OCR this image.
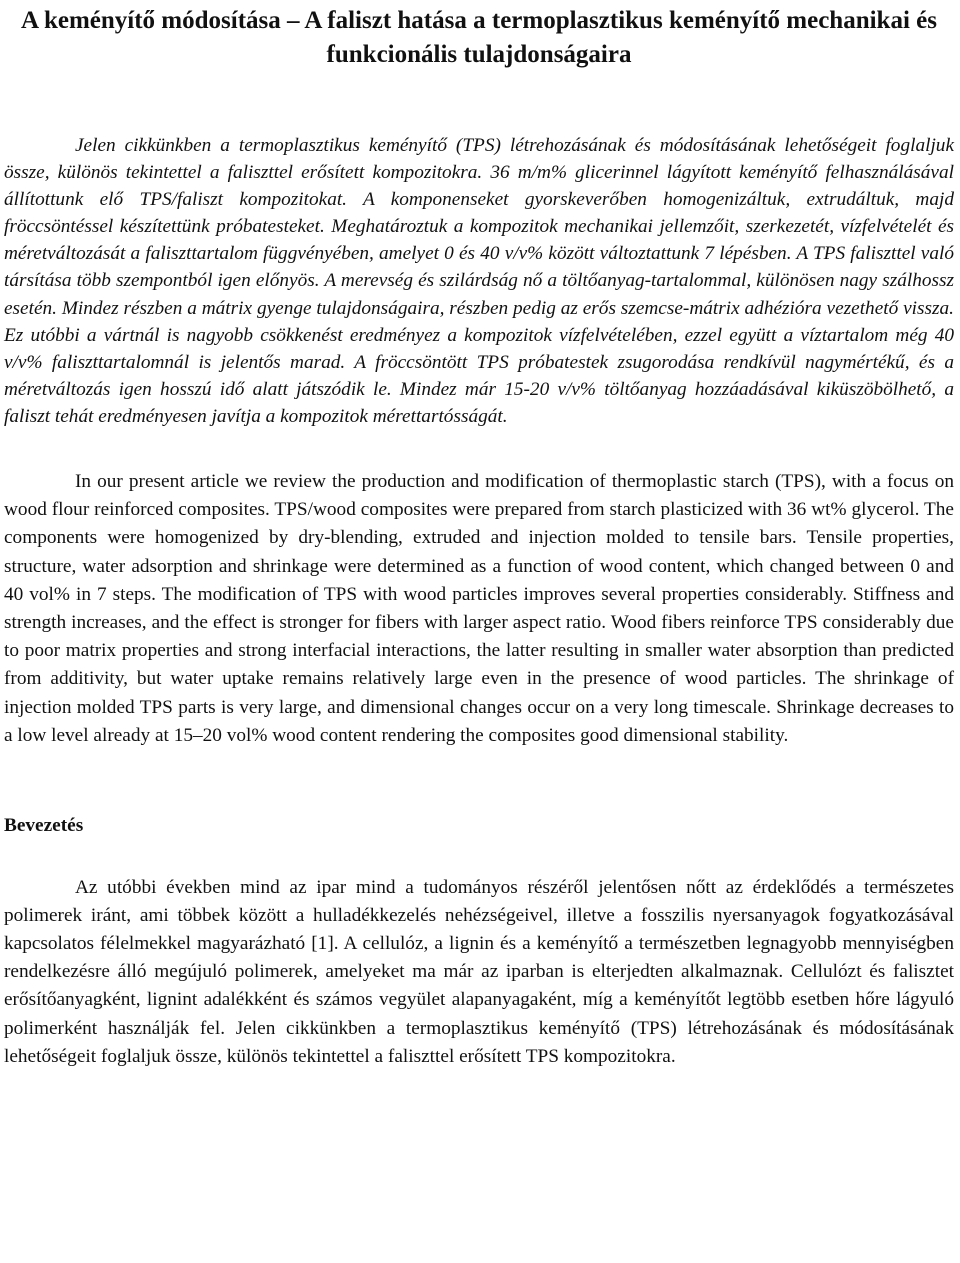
A keményítő módosítása – A faliszt hatása a termoplasztikus keményítő mechanikai és funkcionális tulajdonságaira

Jelen cikkünkben a termoplasztikus keményítő (TPS) létrehozásának és módosításának lehetőségeit foglaljuk össze, különös tekintettel a faliszttel erősített kompozitokra. 36 m/m% glicerinnel lágyított keményítő felhasználásával állítottunk elő TPS/faliszt kompozitokat. A komponenseket gyorskeverőben homogenizáltuk, extrudáltuk, majd fröccsöntéssel készítettünk próbatesteket. Meghatároztuk a kompozitok mechanikai jellemzőit, szerkezetét, vízfelvételét és méretváltozását a faliszttartalom függvényében, amelyet 0 és 40 v/v% között változtattunk 7 lépésben. A TPS faliszttel való társítása több szempontból igen előnyös. A merevség és szilárdság nő a töltőanyag-tartalommal, különösen nagy szálhossz esetén. Mindez részben a mátrix gyenge tulajdonságaira, részben pedig az erős szemcse-mátrix adhézióra vezethető vissza. Ez utóbbi a vártnál is nagyobb csökkenést eredményez a kompozitok vízfelvételében, ezzel együtt a víztartalom még 40 v/v% faliszttartalomnál is jelentős marad. A fröccsöntött TPS próbatestek zsugorodása rendkívül nagymértékű, és a méretváltozás igen hosszú idő alatt játszódik le. Mindez már 15-20 v/v% töltőanyag hozzáadásával kiküszöbölhető, a faliszt tehát eredményesen javítja a kompozitok mérettartósságát.

In our present article we review the production and modification of thermoplastic starch (TPS), with a focus on wood flour reinforced composites. TPS/wood composites were prepared from starch plasticized with 36 wt% glycerol. The components were homogenized by dry-blending, extruded and injection molded to tensile bars. Tensile properties, structure, water adsorption and shrinkage were determined as a function of wood content, which changed between 0 and 40 vol% in 7 steps. The modification of TPS with wood particles improves several properties considerably. Stiffness and strength increases, and the effect is stronger for fibers with larger aspect ratio. Wood fibers reinforce TPS considerably due to poor matrix properties and strong interfacial interactions, the latter resulting in smaller water absorption than predicted from additivity, but water uptake remains relatively large even in the presence of wood particles. The shrinkage of injection molded TPS parts is very large, and dimensional changes occur on a very long timescale. Shrinkage decreases to a low level already at 15–20 vol% wood content rendering the composites good dimensional stability.

Bevezetés

Az utóbbi években mind az ipar mind a tudományos részéről jelentősen nőtt az érdeklődés a természetes polimerek iránt, ami többek között a hulladékkezelés nehézségeivel, illetve a fosszilis nyersanyagok fogyatkozásával kapcsolatos félelmekkel magyarázható [1]. A cellulóz, a lignin és a keményítő a természetben legnagyobb mennyiségben rendelkezésre álló megújuló polimerek, amelyeket ma már az iparban is elterjedten alkalmaznak. Cellulózt és falisztet erősítőanyagként, lignint adalékként és számos vegyület alapanyagaként, míg a keményítőt legtöbb esetben hőre lágyuló polimerként használják fel. Jelen cikkünkben a termoplasztikus keményítő (TPS) létrehozásának és módosításának lehetőségeit foglaljuk össze, különös tekintettel a faliszttel erősített TPS kompozitokra.
